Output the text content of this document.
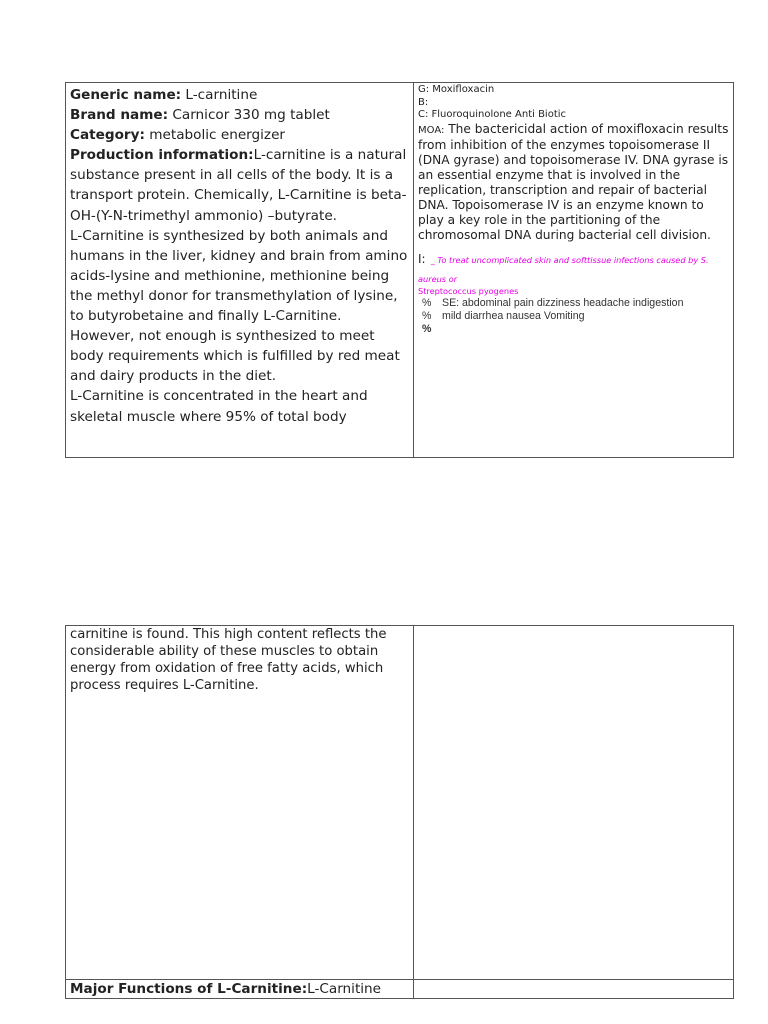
Generic name: L-carnitine

Brand name: Carnicor 330 mg tablet

Category: metabolic energizer

Production information:L-carnitine is a natural substance present in all cells of the body. It is a transport protein. Chemically, L-Carnitine is beta-OH-(Y-N-trimethyl ammonio) –butyrate.

L-Carnitine is synthesized by both animals and humans in the liver, kidney and brain from amino acids-lysine and methionine, methionine being the methyl donor for transmethylation of lysine, to butyrobetaine and finally L-Carnitine. However, not enough is synthesized to meet body requirements which is fulfilled by red meat and dairy products in the diet.

L-Carnitine is concentrated in the heart and skeletal muscle where 95% of total body

G: Moxifloxacin

B:

C: Fluoroquinolone Anti Biotic

MOA: The bactericidal action of moxifloxacin results from inhibition of the enzymes topoisomerase II (DNA gyrase) and topoisomerase IV. DNA gyrase is an essential enzyme that is involved in the replication, transcription and repair of bacterial DNA. Topoisomerase IV is an enzyme known to play a key role in the partitioning of the chromosomal DNA during bacterial cell division.

I: _ To treat uncomplicated skin and softtissue infections caused by S. aureus or
Streptococcus pyogenes

% SE: abdominal pain dizziness headache indigestion

% mild diarrhea nausea Vomiting

%

carnitine is found. This high content reflects the considerable ability of these muscles to obtain energy from oxidation of free fatty acids, which process requires L-Carnitine.

Major Functions of L-Carnitine:L-Carnitine
